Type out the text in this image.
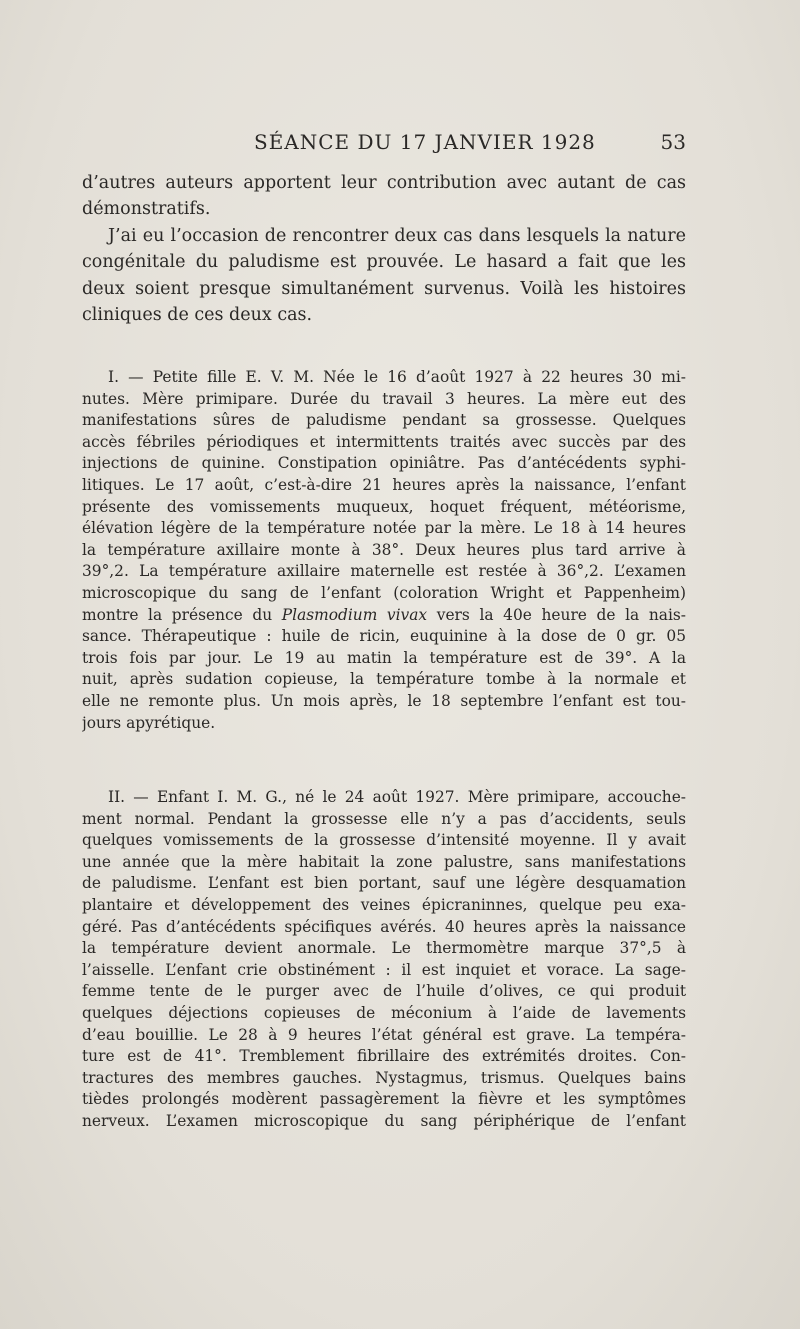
SÉANCE DU 17 JANVIER 1928	53
d’autres auteurs apportent leur contribution avec autant de cas
démonstratifs.
J’ai eu l’occasion de rencontrer deux cas dans lesquels la nature
congénitale du paludisme est prouvée. Le hasard a fait que les
deux soient presque simultanément survenus. Voilà les histoires
cliniques de ces deux cas.
I. — Petite fille E. V. M. Née le 16 d’août 1927 à 22 heures 30 mi-
nutes. Mère primipare. Durée du travail 3 heures. La mère eut des
manifestations sûres de paludisme pendant sa grossesse. Quelques
accès fébriles périodiques et intermittents traités avec succès par des
injections de quinine. Constipation opiniâtre. Pas d’antécédents syphi-
litiques. Le 17 août, c’est-à-dire 21 heures après la naissance, l’enfant
présente des vomissements muqueux, hoquet fréquent, météorisme,
élévation légère de la température notée par la mère. Le 18 à 14 heures
la température axillaire monte à 38°. Deux heures plus tard arrive à
39°,2. La température axillaire maternelle est restée à 36°,2. L’examen
microscopique du sang de l’enfant (coloration Wright et Pappenheim)
montre la présence du Plasmodium vivax vers la 40e heure de la nais-
sance. Thérapeutique : huile de ricin, euquinine à la dose de 0 gr. 05
trois fois par jour. Le 19 au matin la température est de 39°. A la
nuit, après sudation copieuse, la température tombe à la normale et
elle ne remonte plus. Un mois après, le 18 septembre l’enfant est tou-
jours apyrétique.
II. — Enfant I. M. G., né le 24 août 1927. Mère primipare, accouche-
ment normal. Pendant la grossesse elle n’y a pas d’accidents, seuls
quelques vomissements de la grossesse d’intensité moyenne. Il y avait
une année que la mère habitait la zone palustre, sans manifestations
de paludisme. L’enfant est bien portant, sauf une légère desquamation
plantaire et développement des veines épicraninnes, quelque peu exa-
géré. Pas d’antécédents spécifiques avérés. 40 heures après la naissance
la température devient anormale. Le thermomètre marque 37°,5 à
l’aisselle. L’enfant crie obstinément : il est inquiet et vorace. La sage-
femme tente de le purger avec de l’huile d’olives, ce qui produit
quelques déjections copieuses de méconium à l’aide de lavements
d’eau bouillie. Le 28 à 9 heures l’état général est grave. La tempéra-
ture est de 41°. Tremblement fibrillaire des extrémités droites. Con-
tractures des membres gauches. Nystagmus, trismus. Quelques bains
tièdes prolongés modèrent passagèrement la fièvre et les symptômes
nerveux. L’examen microscopique du sang périphérique de l’enfant
